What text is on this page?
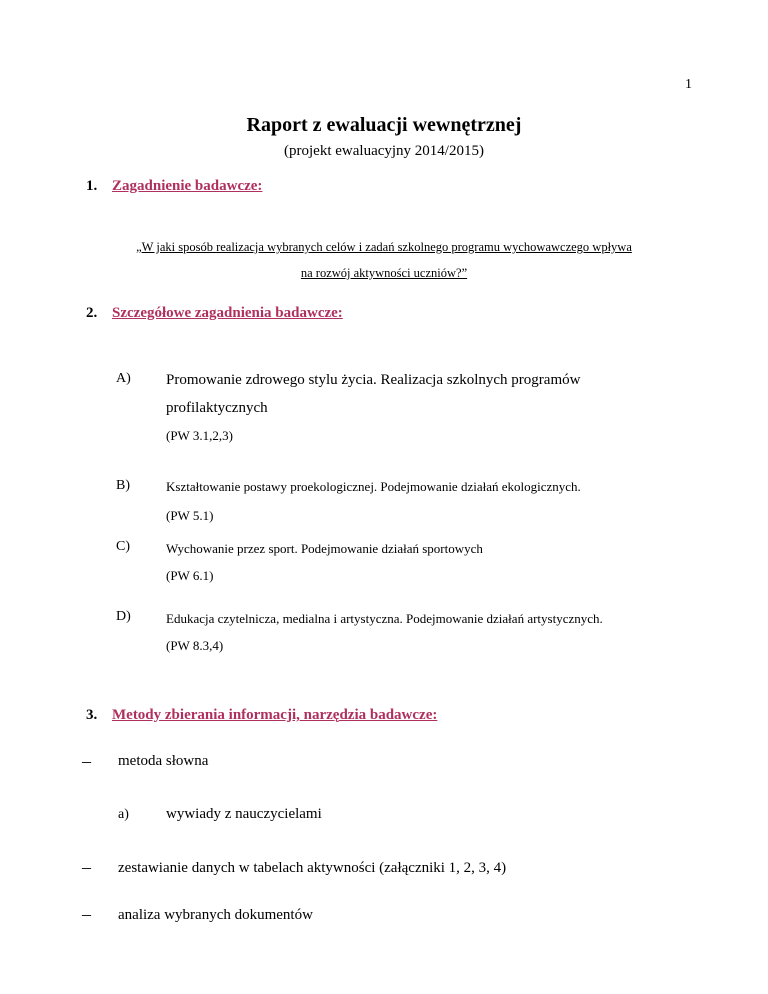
1
Raport z ewaluacji wewnętrznej
(projekt ewaluacyjny 2014/2015)
1. Zagadnienie badawcze:
„W jaki sposób realizacja wybranych celów i zadań szkolnego programu wychowawczego wpływa
na rozwój aktywności uczniów?”
2. Szczegółowe zagadnienia badawcze:
A) Promowanie zdrowego stylu życia. Realizacja szkolnych programów
profilaktycznych
(PW 3.1,2,3)
B)	Kształtowanie postawy proekologicznej. Podejmowanie działań ekologicznych.
(PW 5.1)
C)	Wychowanie przez sport. Podejmowanie działań sportowych
(PW 6.1)
D)	Edukacja czytelnicza, medialna i artystyczna. Podejmowanie działań artystycznych.
(PW 8.3,4)
3. Metody zbierania informacji, narzędzia badawcze:
– metoda słowna
a) wywiady z nauczycielami
– zestawianie danych w tabelach aktywności (załączniki 1, 2, 3, 4)
– analiza wybranych dokumentów
